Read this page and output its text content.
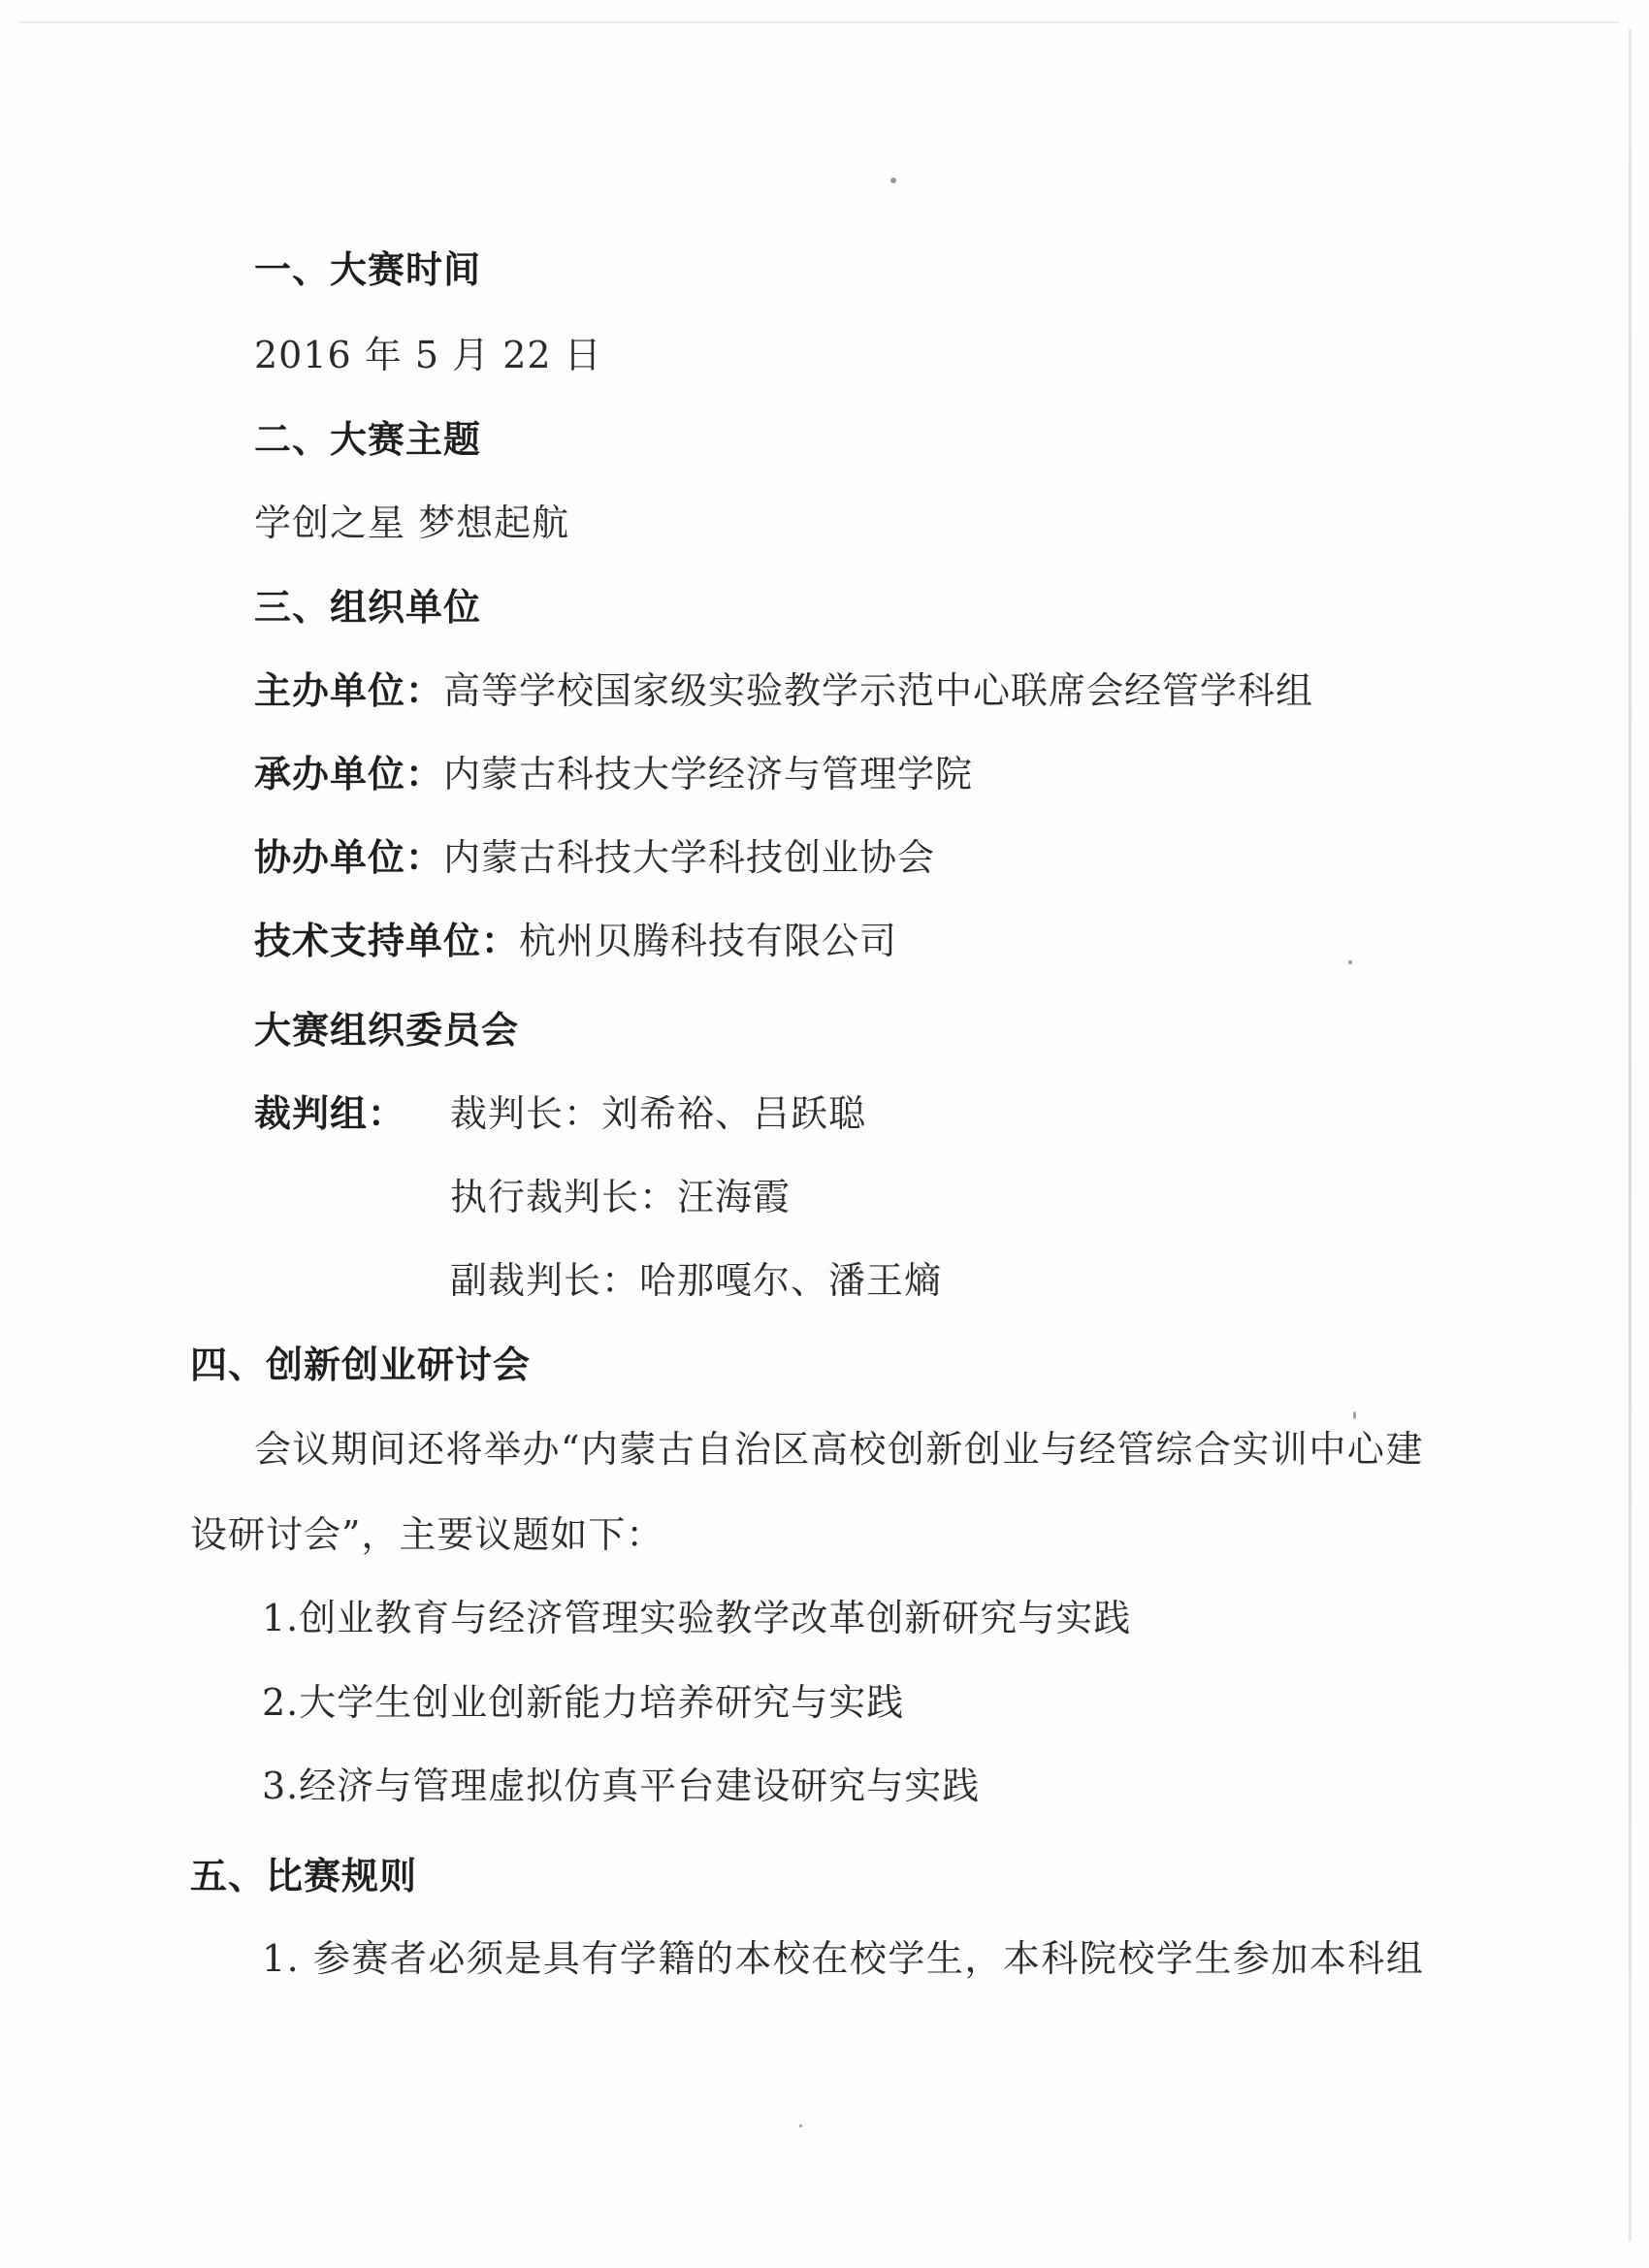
一、大赛时间
2016 年 5 月 22 日
二、大赛主题
学创之星 梦想起航
三、组织单位
主办单位：高等学校国家级实验教学示范中心联席会经管学科组
承办单位：内蒙古科技大学经济与管理学院
协办单位：内蒙古科技大学科技创业协会
技术支持单位：杭州贝腾科技有限公司
大赛组织委员会
裁判组： 裁判长：刘希裕、吕跃聪
执行裁判长：汪海霞
副裁判长：哈那嘎尔、潘王熵
四、创新创业研讨会
会议期间还将举办“内蒙古自治区高校创新创业与经管综合实训中心建
设研讨会”，主要议题如下：
1.创业教育与经济管理实验教学改革创新研究与实践
2.大学生创业创新能力培养研究与实践
3.经济与管理虚拟仿真平台建设研究与实践
五、比赛规则
1. 参赛者必须是具有学籍的本校在校学生，本科院校学生参加本科组
